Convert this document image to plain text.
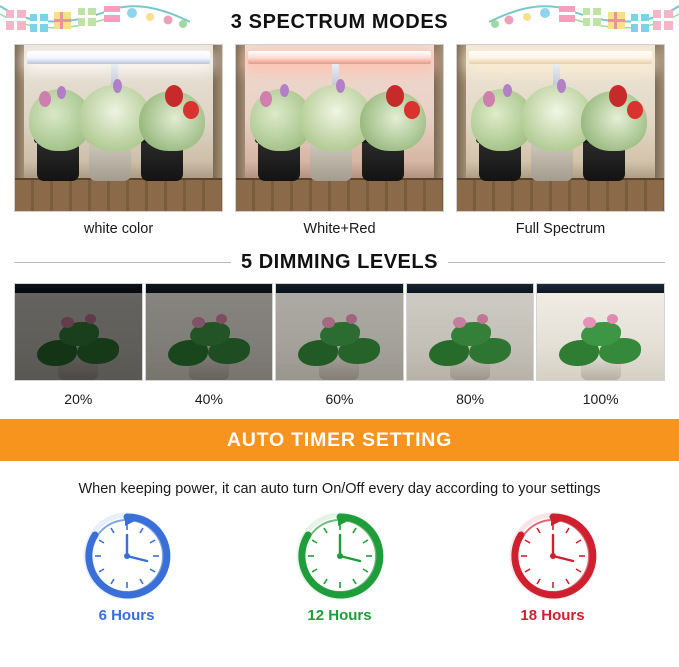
3 SPECTRUM MODES
white color	White+Red	Full Spectrum
5 DIMMING LEVELS
20%	40%	60%	80%	100%
AUTO TIMER SETTING
When keeping power, it can auto turn On/Off every day according to your settings
6 Hours	12 Hours	18 Hours
